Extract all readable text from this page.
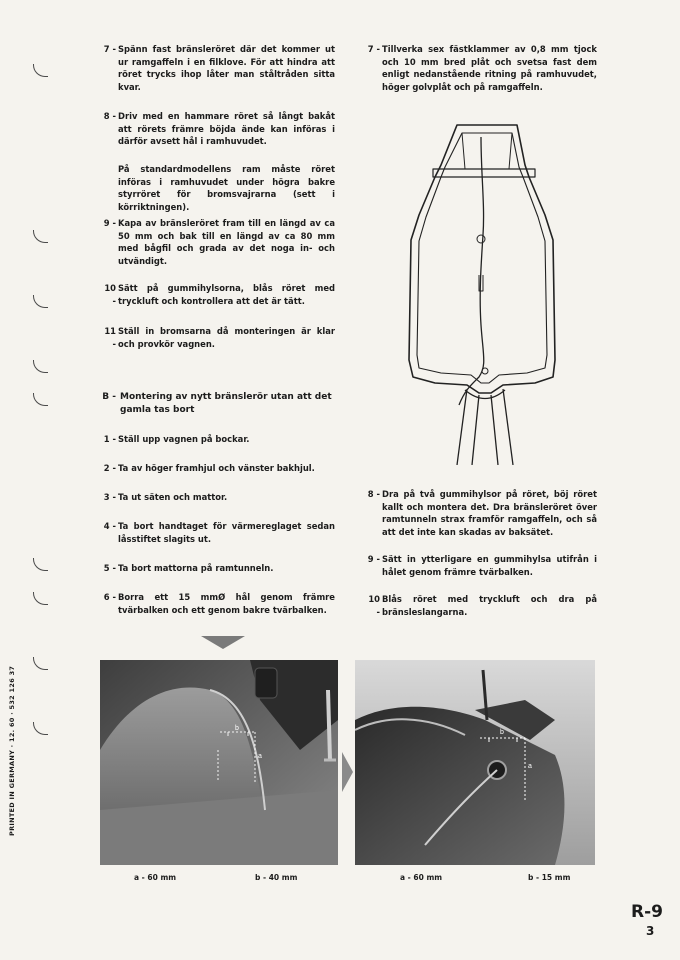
7 - Spänn fast bränsleröret där det kommer ut ur ramgaffeln i en filklove. För att hindra att röret trycks ihop låter man ståltråden sitta kvar.
8 - Driv med en hammare röret så långt bakåt att rörets främre böjda ände kan införas i därför avsett hål i ramhuvudet.
På standardmodellens ram måste röret införas i ramhuvudet under högra bakre styrröret för bromsvajrarna (sett i körriktningen).
9 - Kapa av bränsleröret fram till en längd av ca 50 mm och bak till en längd av ca 80 mm med bågfil och grada av det noga in- och utvändigt.
10 -
Sätt på gummihylsorna, blås röret med tryckluft och kontrollera att det är tätt.
11 -
Ställ in bromsarna då monteringen är klar och provkör vagnen.
B - Montering av nytt bränslerör utan att det gamla tas bort
1 - Ställ upp vagnen på bockar.
2 - Ta av höger framhjul och vänster bakhjul.
3 - Ta ut säten och mattor.
4 - Ta bort handtaget för värmereglaget sedan låsstiftet slagits ut.
5 - Ta bort mattorna på ramtunneln.
6 - Borra ett 15 mmØ hål genom främre tvärbalken och ett genom bakre tvärbalken.
7 - Tillverka sex fästklammer av 0,8 mm tjock och 10 mm bred plåt och svetsa fast dem enligt nedanstående ritning på ramhuvudet, höger golvplåt och på ramgaffeln.
8 - Dra på två gummihylsor på röret, böj röret kallt och montera det. Dra bränsleröret över ramtunneln strax framför ramgaffeln, och så att det inte kan skadas av baksätet.
9 - Sätt in ytterligare en gummihylsa utifrån i hålet genom främre tvärbalken.
10 -
Blås röret med tryckluft och dra på bränsleslangarna.
b
a
a - 60 mm	b - 40 mm
b
a
a - 60 mm	b - 15 mm
PRINTED IN GERMANY · 12. 60 · 532 126 37
R-9
3
